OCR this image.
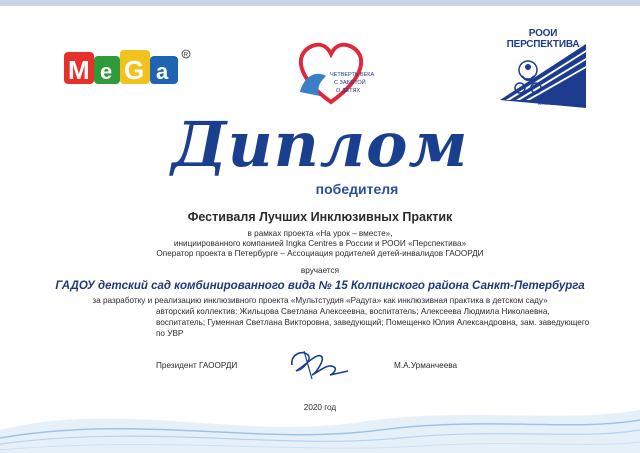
M e G a
R
ЧЕТВЕРТЬ ВЕКА
С ЗАБОТОЙ
О ДЕТЯХ
РООИ ПЕРСПЕКТИВА
ОТКРЫВАЕМ НОВЫЕ ВОЗМОЖНОСТИ
Диплом
победителя
Фестиваля Лучших Инклюзивных Практик
в рамках проекта «На урок – вместе»,
инициированного компанией Ingka Centres в России и РООИ «Перспектива»
Оператор проекта в Петербурге – Ассоциация родителей детей-инвалидов ГАООРДИ
вручается
ГАДОУ детский сад комбинированного вида № 15 Колпинского района Санкт-Петербурга
за разработку и реализацию инклюзивного проекта «Мультстудия «Радуга» как инклюзивная практика в детском саду»
авторский коллектив: Жильцова Светлана Алексеевна, воспитатель; Алексеева Людмила Николаевна, воспитатель; Гуменная Светлана Викторовна, заведующий; Помещенко Юлия Александровна, зам. заведующего по УВР
Президент ГАООРДИ	М.А.Урманчеева
2020 год
